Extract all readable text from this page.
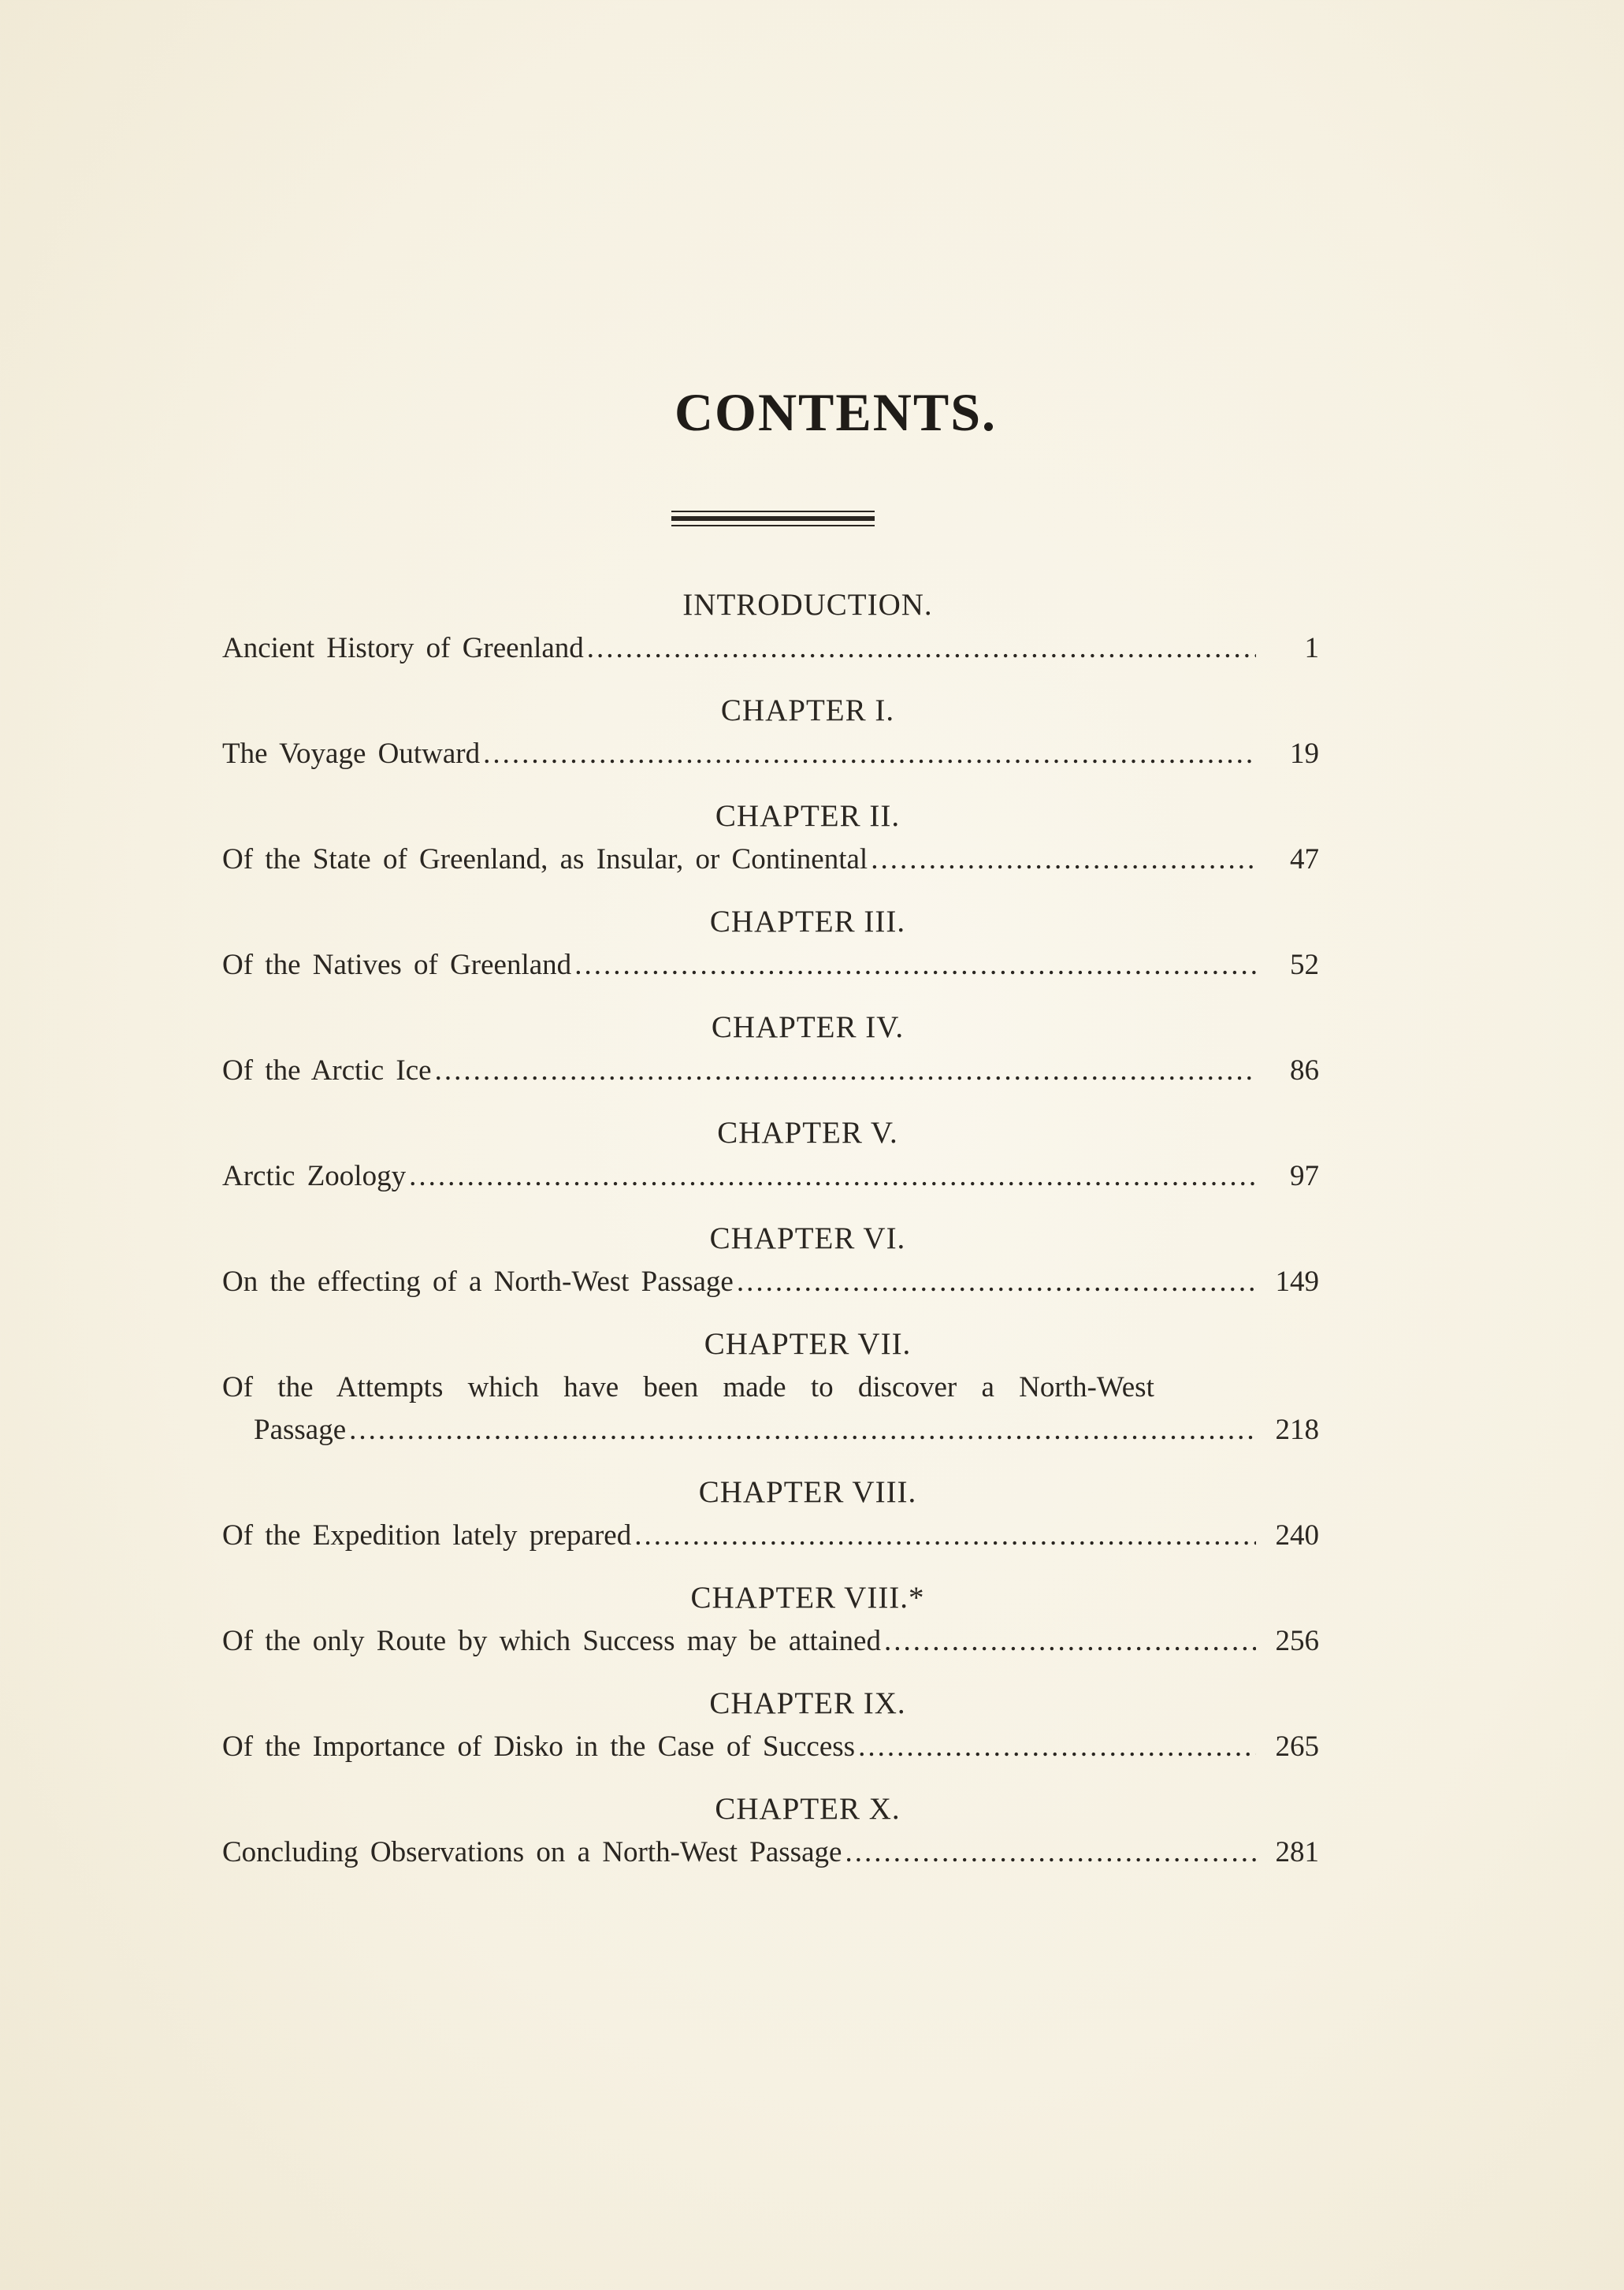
CONTENTS.
INTRODUCTION.
Ancient History of Greenland .....	1
CHAPTER I.
The Voyage Outward .....	19
CHAPTER II.
Of the State of Greenland, as Insular, or Continental .....	47
CHAPTER III.
Of the Natives of Greenland .....	52
CHAPTER IV.
Of the Arctic Ice .....	86
CHAPTER V.
Arctic Zoology .....	97
CHAPTER VI.
On the effecting of a North-West Passage .....	149
CHAPTER VII.
Of the Attempts which have been made to discover a North-West
Passage .....	218
CHAPTER VIII.
Of the Expedition lately prepared .....	240
CHAPTER VIII.*
Of the only Route by which Success may be attained .....	256
CHAPTER IX.
Of the Importance of Disko in the Case of Success .....	265
CHAPTER X.
Concluding Observations on a North-West Passage .....	281
